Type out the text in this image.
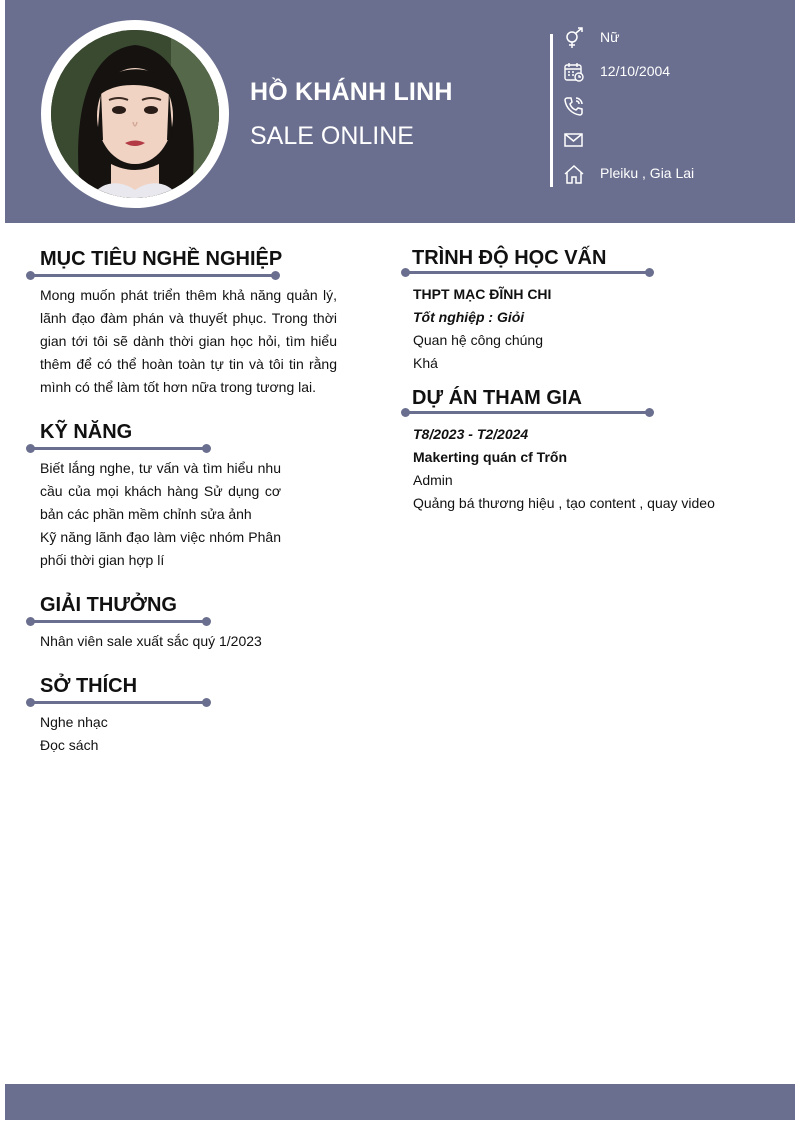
HỒ KHÁNH LINH
SALE ONLINE
Nữ
12/10/2004
Pleiku , Gia Lai
MỤC TIÊU NGHỀ NGHIỆP
Mong muốn phát triển thêm khả năng quản lý,
lãnh đạo đàm phán và thuyết phục. Trong thời
gian tới tôi sẽ dành thời gian học hỏi, tìm hiểu
thêm để có thể hoàn toàn tự tin và tôi tin rằng
mình có thể làm tốt hơn nữa trong tương lai.
KỸ NĂNG
Biết lắng nghe, tư vấn và tìm hiểu nhu
cầu của mọi khách hàng Sử dụng cơ
bản các phần mềm chỉnh sửa ảnh
Kỹ năng lãnh đạo làm việc nhóm Phân
phối thời gian hợp lí
GIẢI THƯỞNG
Nhân viên sale xuất sắc quý 1/2023
SỞ THÍCH
Nghe nhạc
Đọc sách
TRÌNH ĐỘ HỌC VẤN
THPT MẠC ĐĨNH CHI
Tốt nghiệp : Giỏi
Quan hệ công chúng
Khá
DỰ ÁN THAM GIA
T8/2023 - T2/2024
Makerting quán cf Trốn
Admin
Quảng bá thương hiệu , tạo content , quay video
